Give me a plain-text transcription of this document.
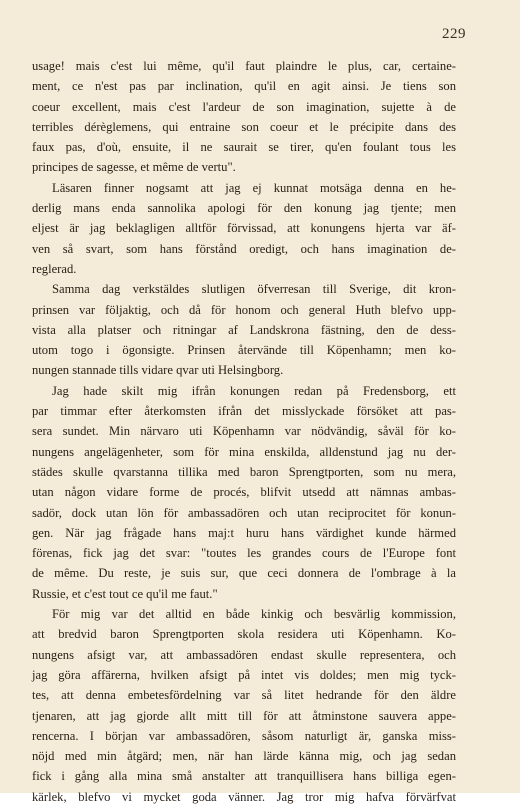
229
usage! mais c'est lui même, qu'il faut plaindre le plus, car, certaine-
ment, ce n'est pas par inclination, qu'il en agit ainsi. Je tiens son
coeur excellent, mais c'est l'ardeur de son imagination, sujette à de
terribles dérèglemens, qui entraine son coeur et le précipite dans des
faux pas, d'où, ensuite, il ne saurait se tirer, qu'en foulant tous les
principes de sagesse, et même de vertu".
Läsaren finner nogsamt att jag ej kunnat motsäga denna en he-
derlig mans enda sannolika apologi för den konung jag tjente; men
eljest är jag beklagligen alltför förvissad, att konungens hjerta var äf-
ven så svart, som hans förstånd oredigt, och hans imagination de-
reglerad.
Samma dag verkstäldes slutligen öfverresan till Sverige, dit kron-
prinsen var följaktig, och då för honom och general Huth blefvo upp-
vista alla platser och ritningar af Landskrona fästning, den de dess-
utom togo i ögonsigte. Prinsen återvände till Köpenhamn; men ko-
nungen stannade tills vidare qvar uti Helsingborg.
Jag hade skilt mig ifrån konungen redan på Fredensborg, ett
par timmar efter återkomsten ifrån det misslyckade försöket att pas-
sera sundet. Min närvaro uti Köpenhamn var nödvändig, såväl för ko-
nungens angelägenheter, som för mina enskilda, alldenstund jag nu der-
städes skulle qvarstanna tillika med baron Sprengtporten, som nu mera,
utan någon vidare forme de procés, blifvit utsedd att nämnas ambas-
sadör, dock utan lön för ambassadören och utan reciprocitet för konun-
gen. När jag frågade hans maj:t huru hans värdighet kunde härmed
förenas, fick jag det svar: "toutes les grandes cours de l'Europe font
de même. Du reste, je suis sur, que ceci donnera de l'ombrage à la
Russie, et c'est tout ce qu'il me faut."
För mig var det alltid en både kinkig och besvärlig kommission,
att bredvid baron Sprengtporten skola residera uti Köpenhamn. Ko-
nungens afsigt var, att ambassadören endast skulle representera, och
jag göra affärerna, hvilken afsigt på intet vis doldes; men mig tyck-
tes, att denna embetesfördelning var så litet hedrande för den äldre
tjenaren, att jag gjorde allt mitt till för att åtminstone sauvera appe-
rencerna. I början var ambassadören, såsom naturligt är, ganska miss-
nöjd med min åtgärd; men, när han lärde känna mig, och jag sedan
fick i gång alla mina små anstalter att tranquillisera hans billiga egen-
kärlek, blefvo vi mycket goda vänner. Jag tror mig hafva förvärfvat
